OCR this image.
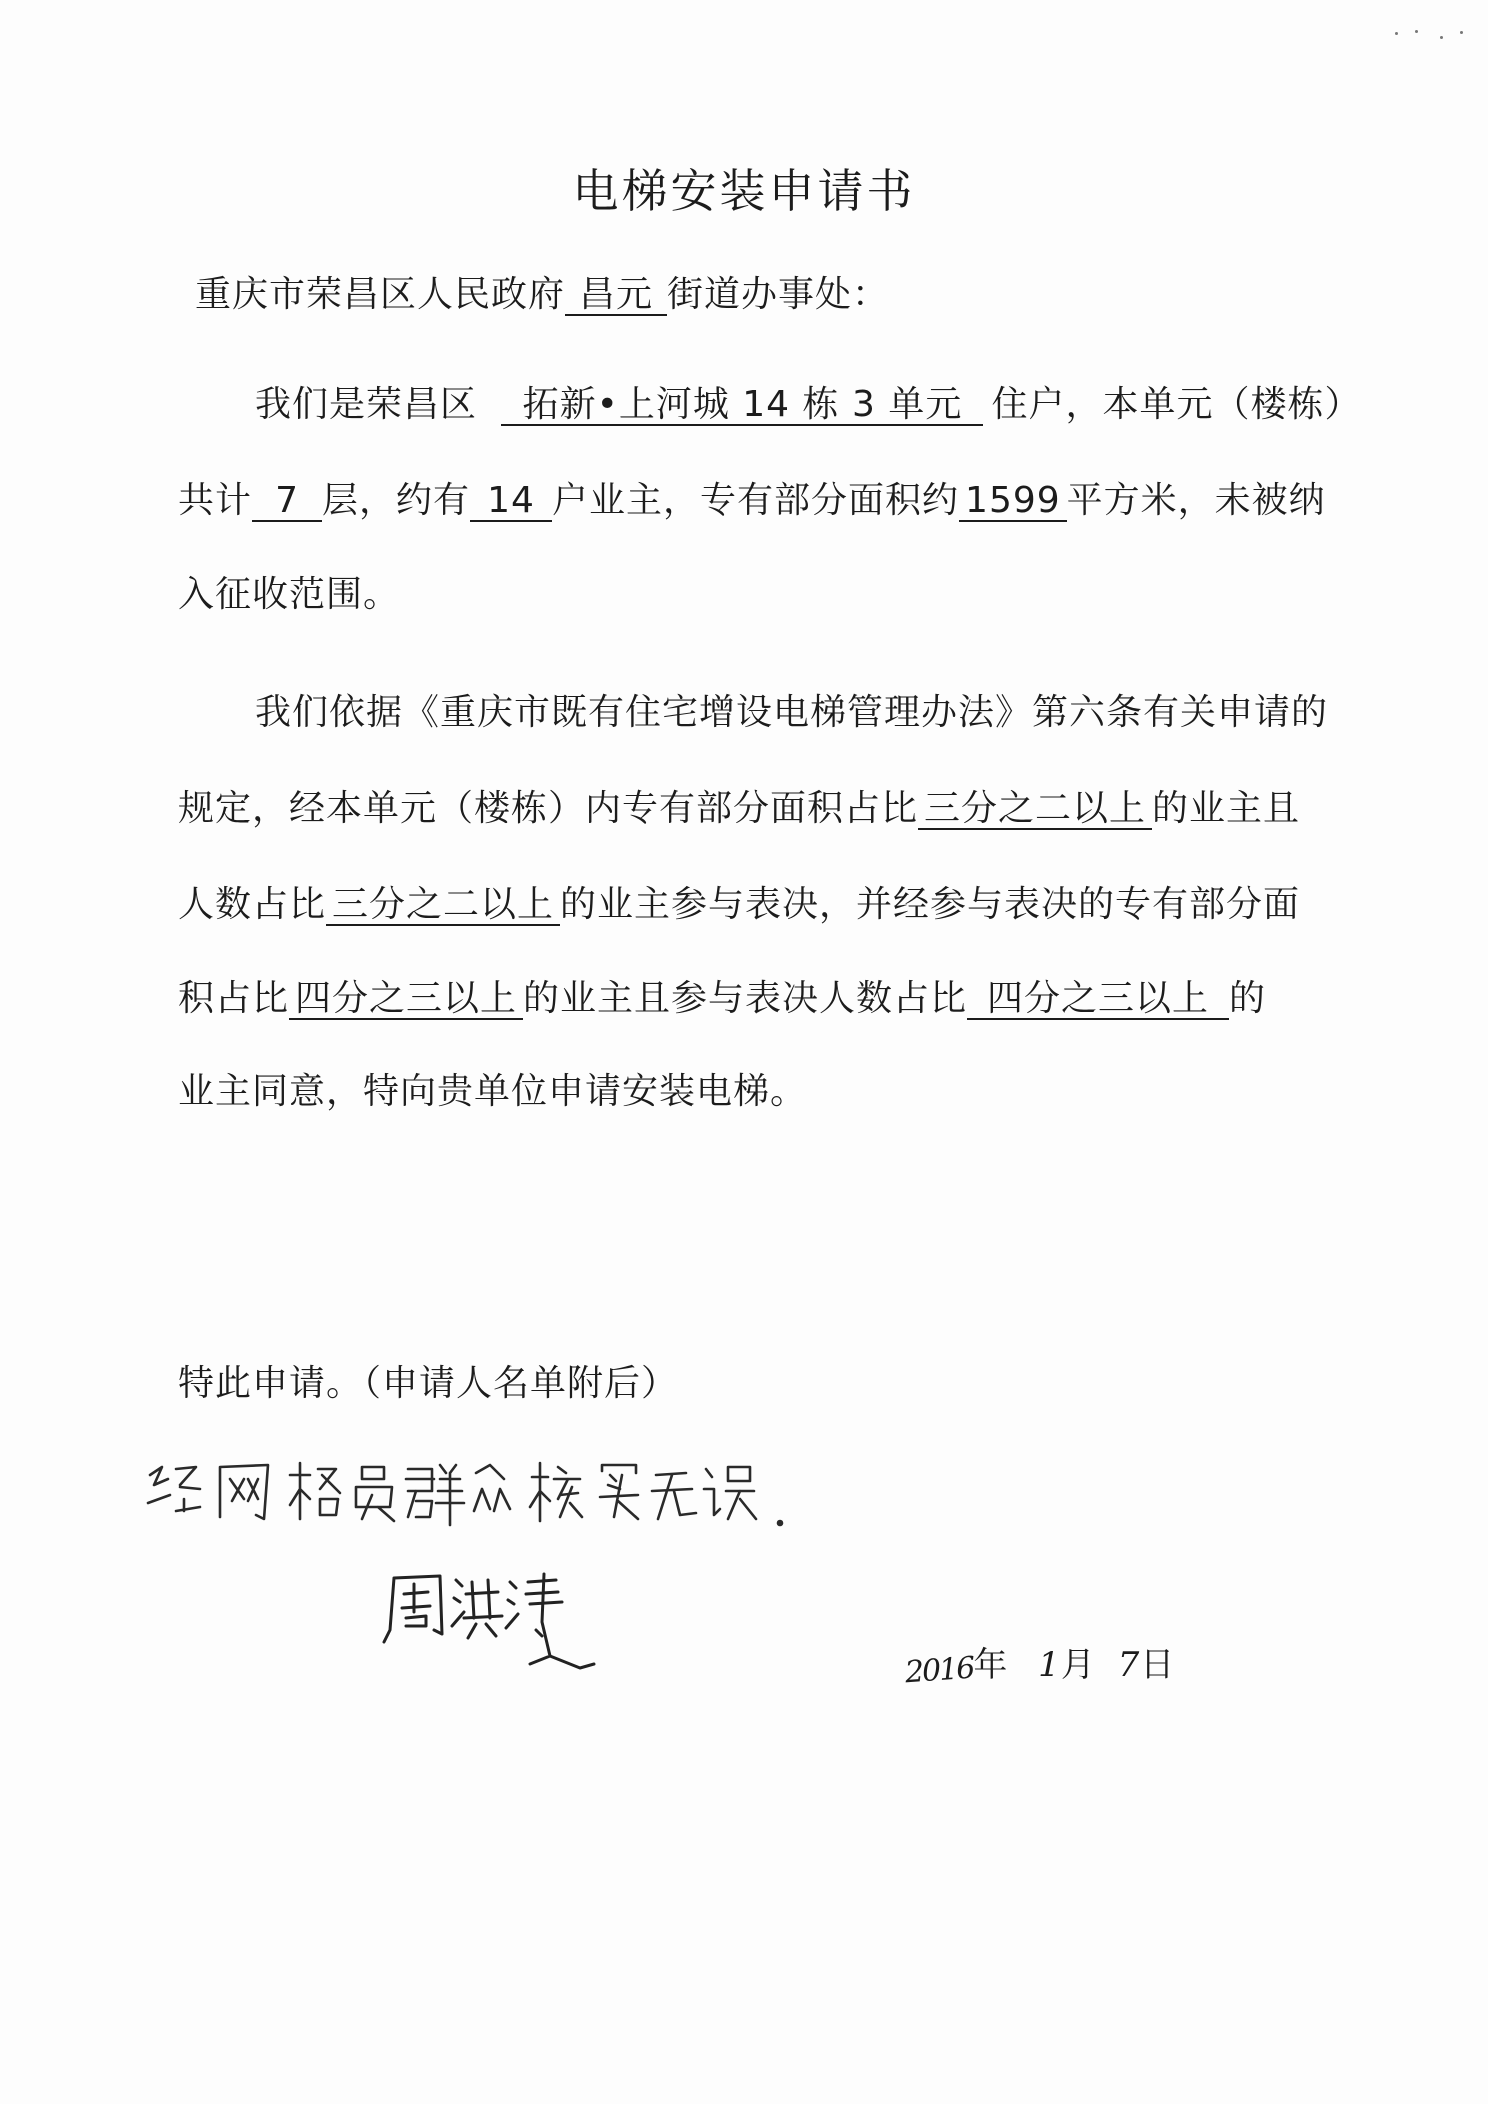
电梯安装申请书
重庆市荣昌区人民政府 昌元 街道办事处：
我们是荣昌区 拓新•上河城 14 栋 3 单元 住户，本单元（楼栋）
共计 7 层，约有 14 户业主，专有部分面积约 1599 平方米，未被纳
入征收范围。
我们依据《重庆市既有住宅增设电梯管理办法》第六条有关申请的
规定，经本单元（楼栋）内专有部分面积占比 三分之二以上 的业主且
人数占比 三分之二以上 的业主参与表决，并经参与表决的专有部分面
积占比 四分之三以上 的业主且参与表决人数占比 四分之三以上 的
业主同意，特向贵单位申请安装电梯。
特此申请。（申请人名单附后）
2016年 1月 7日
